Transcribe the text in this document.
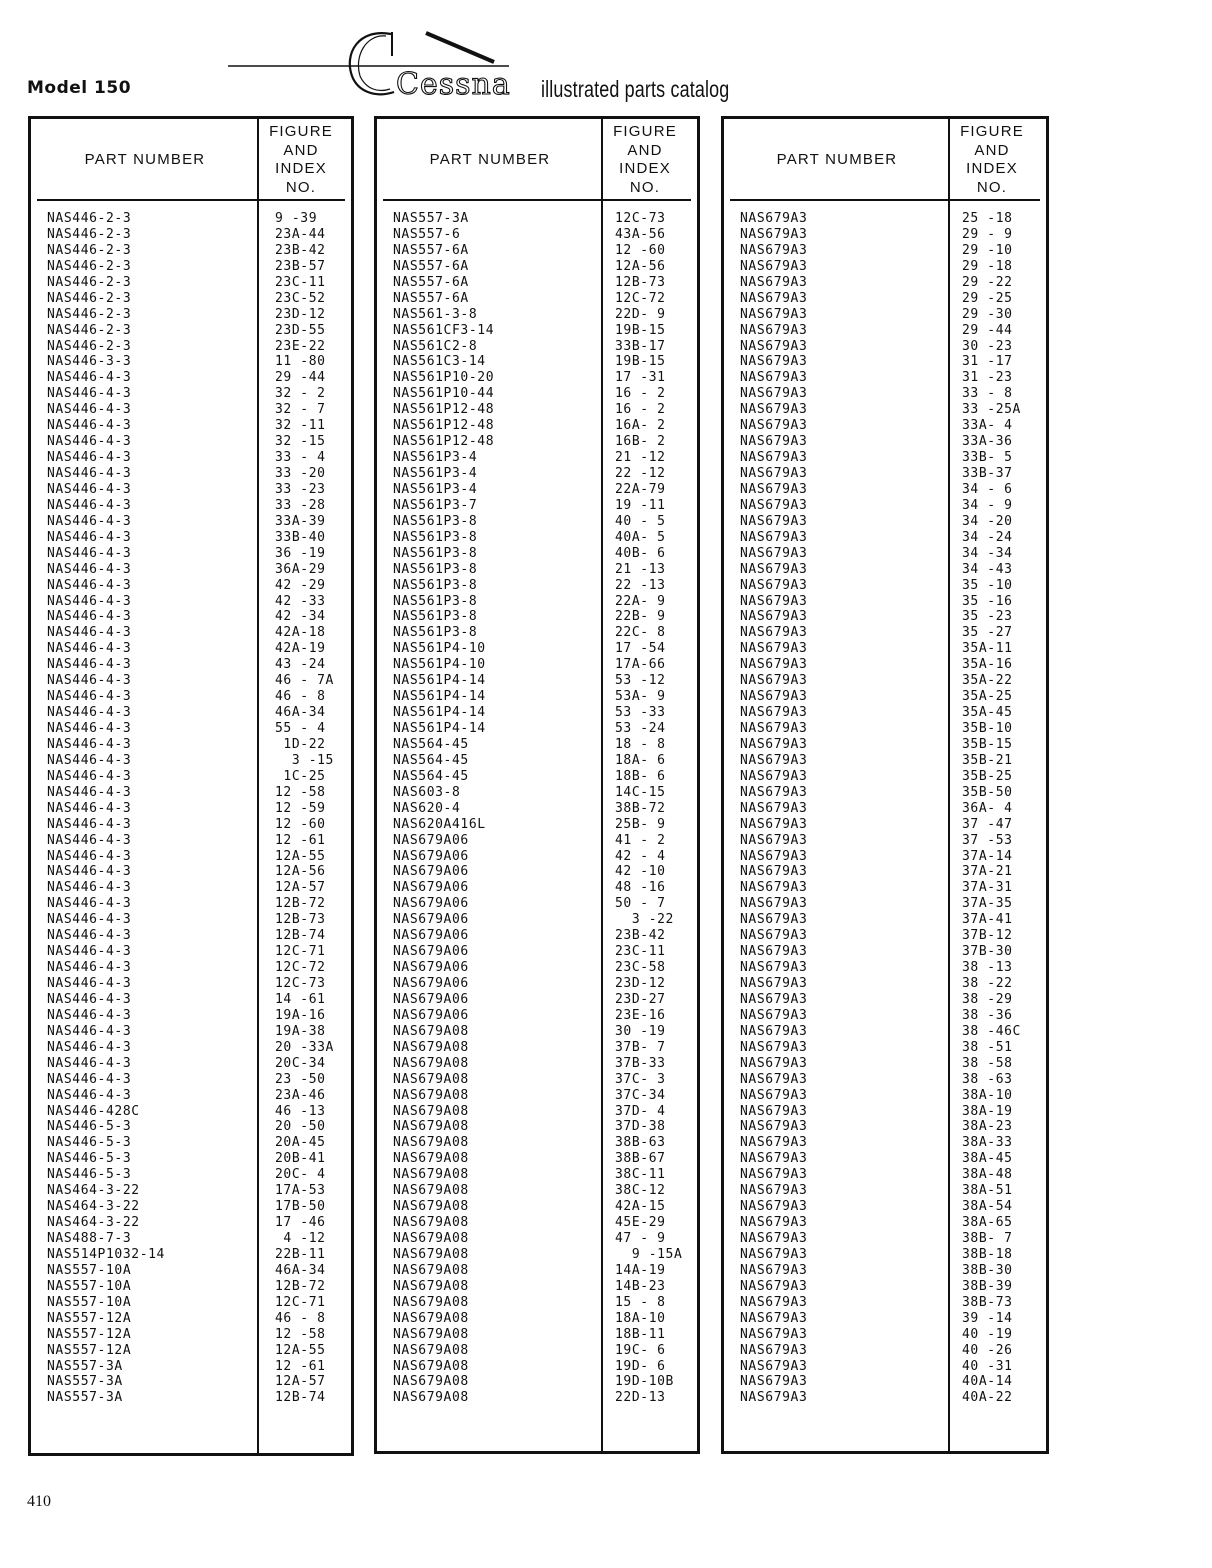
Model 150	Cessna illustrated parts catalog
PART NUMBER
FIGURE
AND
INDEX
NO.
NAS446-2-3	9 -39
NAS446-2-3	23A-44
NAS446-2-3	23B-42
NAS446-2-3	23B-57
NAS446-2-3	23C-11
NAS446-2-3	23C-52
NAS446-2-3	23D-12
NAS446-2-3	23D-55
NAS446-2-3	23E-22
NAS446-3-3	11 -80
NAS446-4-3	29 -44
NAS446-4-3	32 - 2
NAS446-4-3	32 - 7
NAS446-4-3	32 -11
NAS446-4-3	32 -15
NAS446-4-3	33 - 4
NAS446-4-3	33 -20
NAS446-4-3	33 -23
NAS446-4-3	33 -28
NAS446-4-3	33A-39
NAS446-4-3	33B-40
NAS446-4-3	36 -19
NAS446-4-3	36A-29
NAS446-4-3	42 -29
NAS446-4-3	42 -33
NAS446-4-3	42 -34
NAS446-4-3	42A-18
NAS446-4-3	42A-19
NAS446-4-3	43 -24
NAS446-4-3	46 - 7A
NAS446-4-3	46 - 8
NAS446-4-3	46A-34
NAS446-4-3	55 - 4
NAS446-4-3	1D-22
NAS446-4-3	3 -15
NAS446-4-3	1C-25
NAS446-4-3	12 -58
NAS446-4-3	12 -59
NAS446-4-3	12 -60
NAS446-4-3	12 -61
NAS446-4-3	12A-55
NAS446-4-3	12A-56
NAS446-4-3	12A-57
NAS446-4-3	12B-72
NAS446-4-3	12B-73
NAS446-4-3	12B-74
NAS446-4-3	12C-71
NAS446-4-3	12C-72
NAS446-4-3	12C-73
NAS446-4-3	14 -61
NAS446-4-3	19A-16
NAS446-4-3	19A-38
NAS446-4-3	20 -33A
NAS446-4-3	20C-34
NAS446-4-3	23 -50
NAS446-4-3	23A-46
NAS446-428C	46 -13
NAS446-5-3	20 -50
NAS446-5-3	20A-45
NAS446-5-3	20B-41
NAS446-5-3	20C- 4
NAS464-3-22	17A-53
NAS464-3-22	17B-50
NAS464-3-22	17 -46
NAS488-7-3	4 -12
NAS514P1032-14	22B-11
NAS557-10A	46A-34
NAS557-10A	12B-72
NAS557-10A	12C-71
NAS557-12A	46 - 8
NAS557-12A	12 -58
NAS557-12A	12A-55
NAS557-3A	12 -61
NAS557-3A	12A-57
NAS557-3A	12B-74
PART NUMBER
FIGURE
AND
INDEX
NO.
NAS557-3A	12C-73
NAS557-6	43A-56
NAS557-6A	12 -60
NAS557-6A	12A-56
NAS557-6A	12B-73
NAS557-6A	12C-72
NAS561-3-8	22D- 9
NAS561CF3-14	19B-15
NAS561C2-8	33B-17
NAS561C3-14	19B-15
NAS561P10-20	17 -31
NAS561P10-44	16 - 2
NAS561P12-48	16 - 2
NAS561P12-48	16A- 2
NAS561P12-48	16B- 2
NAS561P3-4	21 -12
NAS561P3-4	22 -12
NAS561P3-4	22A-79
NAS561P3-7	19 -11
NAS561P3-8	40 - 5
NAS561P3-8	40A- 5
NAS561P3-8	40B- 6
NAS561P3-8	21 -13
NAS561P3-8	22 -13
NAS561P3-8	22A- 9
NAS561P3-8	22B- 9
NAS561P3-8	22C- 8
NAS561P4-10	17 -54
NAS561P4-10	17A-66
NAS561P4-14	53 -12
NAS561P4-14	53A- 9
NAS561P4-14	53 -33
NAS561P4-14	53 -24
NAS564-45	18 - 8
NAS564-45	18A- 6
NAS564-45	18B- 6
NAS603-8	14C-15
NAS620-4	38B-72
NAS620A416L	25B- 9
NAS679A06	41 - 2
NAS679A06	42 - 4
NAS679A06	42 -10
NAS679A06	48 -16
NAS679A06	50 - 7
NAS679A06	3 -22
NAS679A06	23B-42
NAS679A06	23C-11
NAS679A06	23C-58
NAS679A06	23D-12
NAS679A06	23D-27
NAS679A06	23E-16
NAS679A08	30 -19
NAS679A08	37B- 7
NAS679A08	37B-33
NAS679A08	37C- 3
NAS679A08	37C-34
NAS679A08	37D- 4
NAS679A08	37D-38
NAS679A08	38B-63
NAS679A08	38B-67
NAS679A08	38C-11
NAS679A08	38C-12
NAS679A08	42A-15
NAS679A08	45E-29
NAS679A08	47 - 9
NAS679A08	9 -15A
NAS679A08	14A-19
NAS679A08	14B-23
NAS679A08	15 - 8
NAS679A08	18A-10
NAS679A08	18B-11
NAS679A08	19C- 6
NAS679A08	19D- 6
NAS679A08	19D-10B
NAS679A08	22D-13
PART NUMBER
FIGURE
AND
INDEX
NO.
NAS679A3	25 -18
NAS679A3	29 - 9
NAS679A3	29 -10
NAS679A3	29 -18
NAS679A3	29 -22
NAS679A3	29 -25
NAS679A3	29 -30
NAS679A3	29 -44
NAS679A3	30 -23
NAS679A3	31 -17
NAS679A3	31 -23
NAS679A3	33 - 8
NAS679A3	33 -25A
NAS679A3	33A- 4
NAS679A3	33A-36
NAS679A3	33B- 5
NAS679A3	33B-37
NAS679A3	34 - 6
NAS679A3	34 - 9
NAS679A3	34 -20
NAS679A3	34 -24
NAS679A3	34 -34
NAS679A3	34 -43
NAS679A3	35 -10
NAS679A3	35 -16
NAS679A3	35 -23
NAS679A3	35 -27
NAS679A3	35A-11
NAS679A3	35A-16
NAS679A3	35A-22
NAS679A3	35A-25
NAS679A3	35A-45
NAS679A3	35B-10
NAS679A3	35B-15
NAS679A3	35B-21
NAS679A3	35B-25
NAS679A3	35B-50
NAS679A3	36A- 4
NAS679A3	37 -47
NAS679A3	37 -53
NAS679A3	37A-14
NAS679A3	37A-21
NAS679A3	37A-31
NAS679A3	37A-35
NAS679A3	37A-41
NAS679A3	37B-12
NAS679A3	37B-30
NAS679A3	38 -13
NAS679A3	38 -22
NAS679A3	38 -29
NAS679A3	38 -36
NAS679A3	38 -46C
NAS679A3	38 -51
NAS679A3	38 -58
NAS679A3	38 -63
NAS679A3	38A-10
NAS679A3	38A-19
NAS679A3	38A-23
NAS679A3	38A-33
NAS679A3	38A-45
NAS679A3	38A-48
NAS679A3	38A-51
NAS679A3	38A-54
NAS679A3	38A-65
NAS679A3	38B- 7
NAS679A3	38B-18
NAS679A3	38B-30
NAS679A3	38B-39
NAS679A3	38B-73
NAS679A3	39 -14
NAS679A3	40 -19
NAS679A3	40 -26
NAS679A3	40 -31
NAS679A3	40A-14
NAS679A3	40A-22
410
